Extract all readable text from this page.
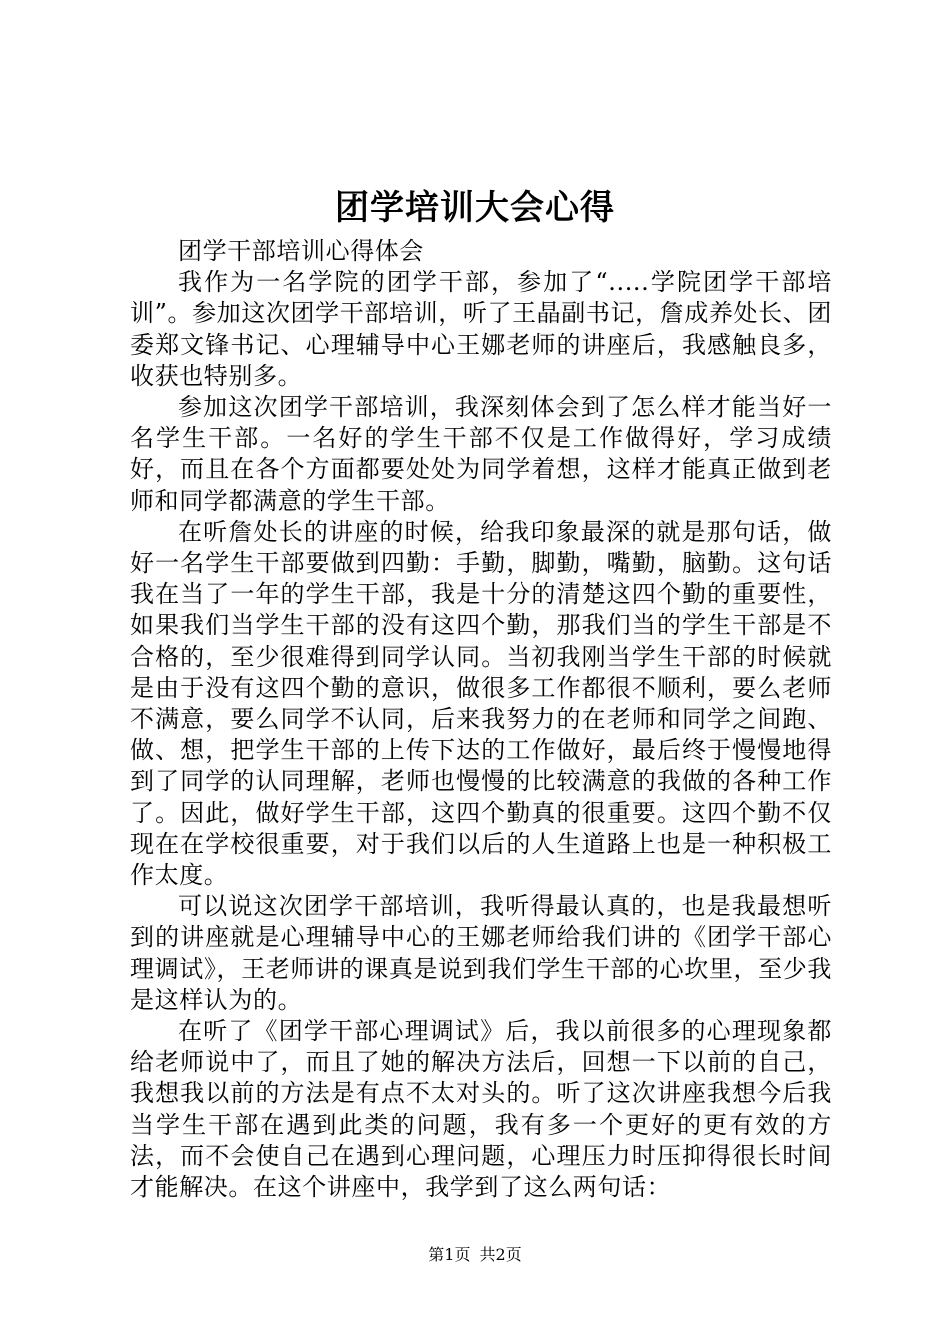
团学培训大会心得

团学干部培训心得体会

我作为一名学院的团学干部，参加了“.....学院团学干部培训”。参加这次团学干部培训，听了王晶副书记，詹成养处长、团委郑文锋书记、心理辅导中心王娜老师的讲座后，我感触良多，收获也特别多。

参加这次团学干部培训，我深刻体会到了怎么样才能当好一名学生干部。一名好的学生干部不仅是工作做得好，学习成绩好，而且在各个方面都要处处为同学着想，这样才能真正做到老师和同学都满意的学生干部。

在听詹处长的讲座的时候，给我印象最深的就是那句话，做好一名学生干部要做到四勤：手勤，脚勤，嘴勤，脑勤。这句话我在当了一年的学生干部，我是十分的清楚这四个勤的重要性，如果我们当学生干部的没有这四个勤，那我们当的学生干部是不合格的，至少很难得到同学认同。当初我刚当学生干部的时候就是由于没有这四个勤的意识，做很多工作都很不顺利，要么老师不满意，要么同学不认同，后来我努力的在老师和同学之间跑、做、想，把学生干部的上传下达的工作做好，最后终于慢慢地得到了同学的认同理解，老师也慢慢的比较满意的我做的各种工作了。因此，做好学生干部，这四个勤真的很重要。这四个勤不仅现在在学校很重要，对于我们以后的人生道路上也是一种积极工作太度。

可以说这次团学干部培训，我听得最认真的，也是我最想听到的讲座就是心理辅导中心的王娜老师给我们讲的《团学干部心理调试》，王老师讲的课真是说到我们学生干部的心坎里，至少我是这样认为的。

在听了《团学干部心理调试》后，我以前很多的心理现象都给老师说中了，而且了她的解决方法后，回想一下以前的自己，我想我以前的方法是有点不太对头的。听了这次讲座我想今后我当学生干部在遇到此类的问题，我有多一个更好的更有效的方法，而不会使自己在遇到心理问题，心理压力时压抑得很长时间才能解决。在这个讲座中，我学到了这么两句话：

第1页 共2页
